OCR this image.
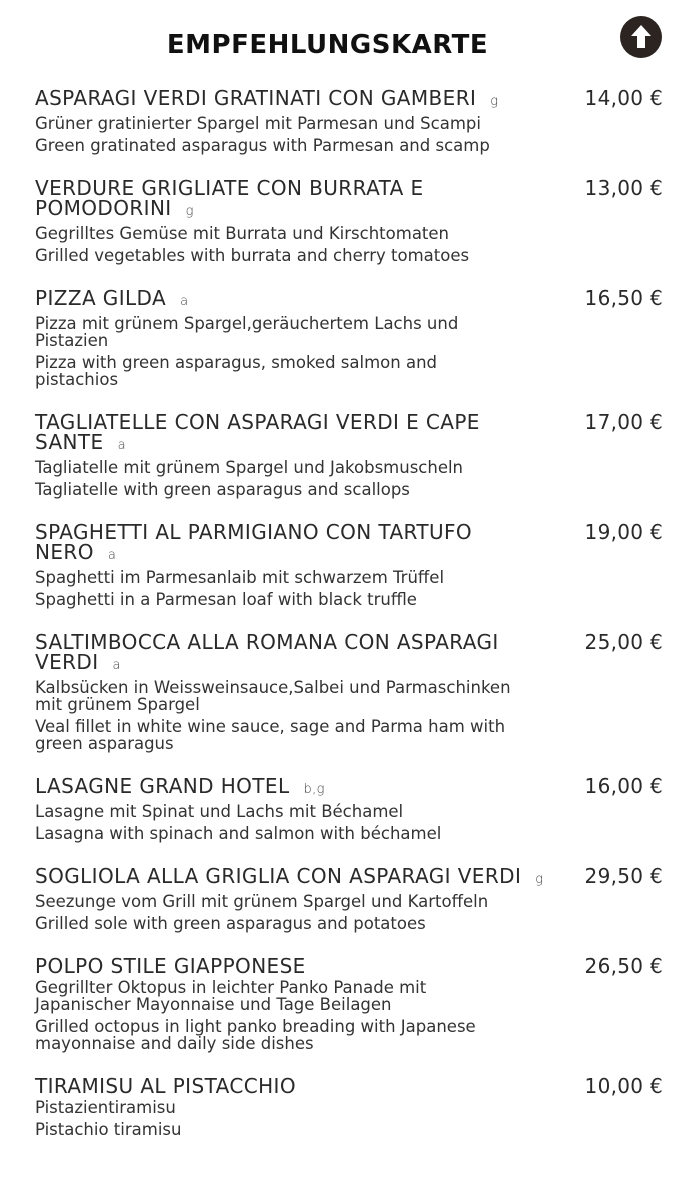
EMPFEHLUNGSKARTE
ASPARAGI VERDI GRATINATI CON GAMBERI g	14,00 €
Grüner gratinierter Spargel mit Parmesan und Scampi
Green gratinated asparagus with Parmesan and scamp
VERDURE GRIGLIATE CON BURRATA E POMODORINI g
13,00 €
Gegrilltes Gemüse mit Burrata und Kirschtomaten
Grilled vegetables with burrata and cherry tomatoes
PIZZA GILDA a	16,50 €
Pizza mit grünem Spargel,geräuchertem Lachs und Pistazien
Pizza with green asparagus, smoked salmon and pistachios
TAGLIATELLE CON ASPARAGI VERDI E CAPE SANTE a
17,00 €
Tagliatelle mit grünem Spargel und Jakobsmuscheln
Tagliatelle with green asparagus and scallops
SPAGHETTI AL PARMIGIANO CON TARTUFO NERO a
19,00 €
Spaghetti im Parmesanlaib mit schwarzem Trüffel
Spaghetti in a Parmesan loaf with black truffle
SALTIMBOCCA ALLA ROMANA CON ASPARAGI VERDI a
25,00 €
Kalbsücken in Weissweinsauce,Salbei und Parmaschinken mit grünem Spargel
Veal fillet in white wine sauce, sage and Parma ham with green asparagus
LASAGNE GRAND HOTEL b,g	16,00 €
Lasagne mit Spinat und Lachs mit Béchamel
Lasagna with spinach and salmon with béchamel
SOGLIOLA ALLA GRIGLIA CON ASPARAGI VERDI g	29,50 €
Seezunge vom Grill mit grünem Spargel und Kartoffeln
Grilled sole with green asparagus and potatoes
POLPO STILE GIAPPONESE	26,50 €
Gegrillter Oktopus in leichter Panko Panade mit Japanischer Mayonnaise und Tage Beilagen
Grilled octopus in light panko breading with Japanese mayonnaise and daily side dishes
TIRAMISU AL PISTACCHIO	10,00 €
Pistazientiramisu
Pistachio tiramisu
